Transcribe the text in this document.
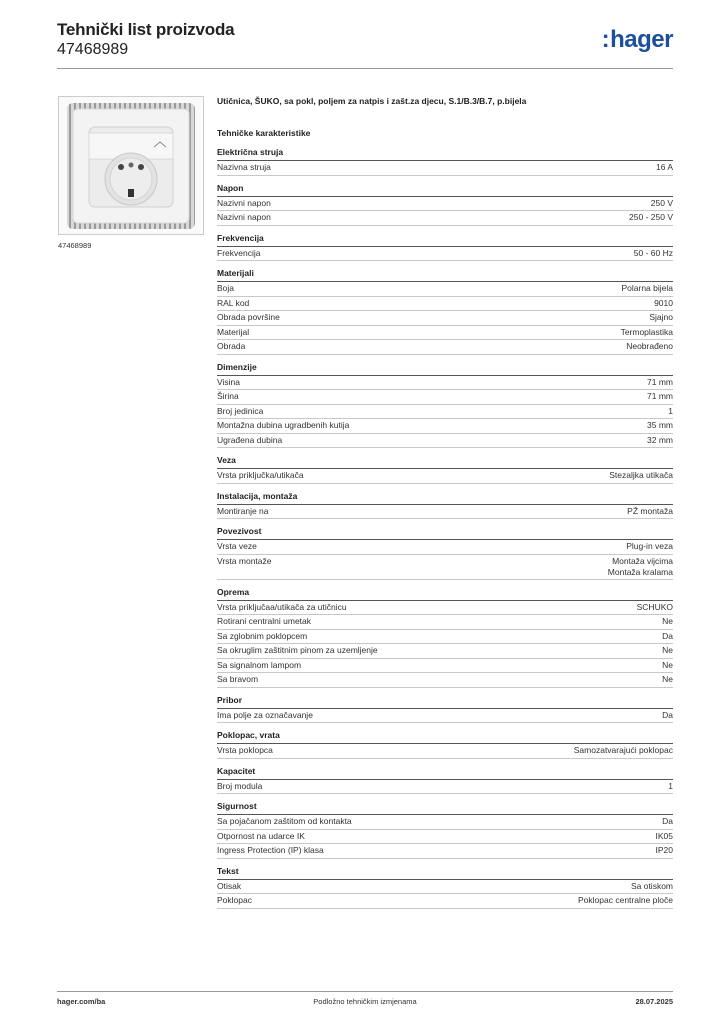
Tehnički list proizvoda
47468989	:hager
47468989
Utičnica, ŠUKO, sa pokl, poljem za natpis i zašt.za djecu, S.1/B.3/B.7, p.bijela
Tehničke karakteristike
Električna struja
Nazivna struja	16 A
Napon
Nazivni napon	250 V
Nazivni napon	250 - 250 V
Frekvencija
Frekvencija	50 - 60 Hz
Materijali
Boja	Polarna bijela
RAL kod	9010
Obrada površine	Sjajno
Materijal	Termoplastika
Obrada	Neobrađeno
Dimenzije
Visina	71 mm
Širina	71 mm
Broj jedinica	1
Montažna dubina ugradbenih kutija	35 mm
Ugrađena dubina	32 mm
Veza
Vrsta priključka/utikača	Stezaljka utikača
Instalacija, montaža
Montiranje na	PŽ montaža
Povezivost
Vrsta veze	Plug-in veza
Vrsta montaže	Montaža vijcima
Montaža kralama
Oprema
Vrsta priključaa/utikača za utičnicu	SCHUKO
Rotirani centralni umetak	Ne
Sa zglobnim poklopcem	Da
Sa okruglim zaštitnim pinom za uzemljenje	Ne
Sa signalnom lampom	Ne
Sa bravom	Ne
Pribor
Ima polje za označavanje	Da
Poklopac, vrata
Vrsta poklopca	Samozatvarajući poklopac
Kapacitet
Broj modula	1
Sigurnost
Sa pojačanom zaštitom od kontakta	Da
Otpornost na udarce IK	IK05
Ingress Protection (IP) klasa	IP20
Tekst
Otisak	Sa otiskom
Poklopac	Poklopac centralne ploče
hager.com/ba	Podložno tehničkim izmjenama	28.07.2025
